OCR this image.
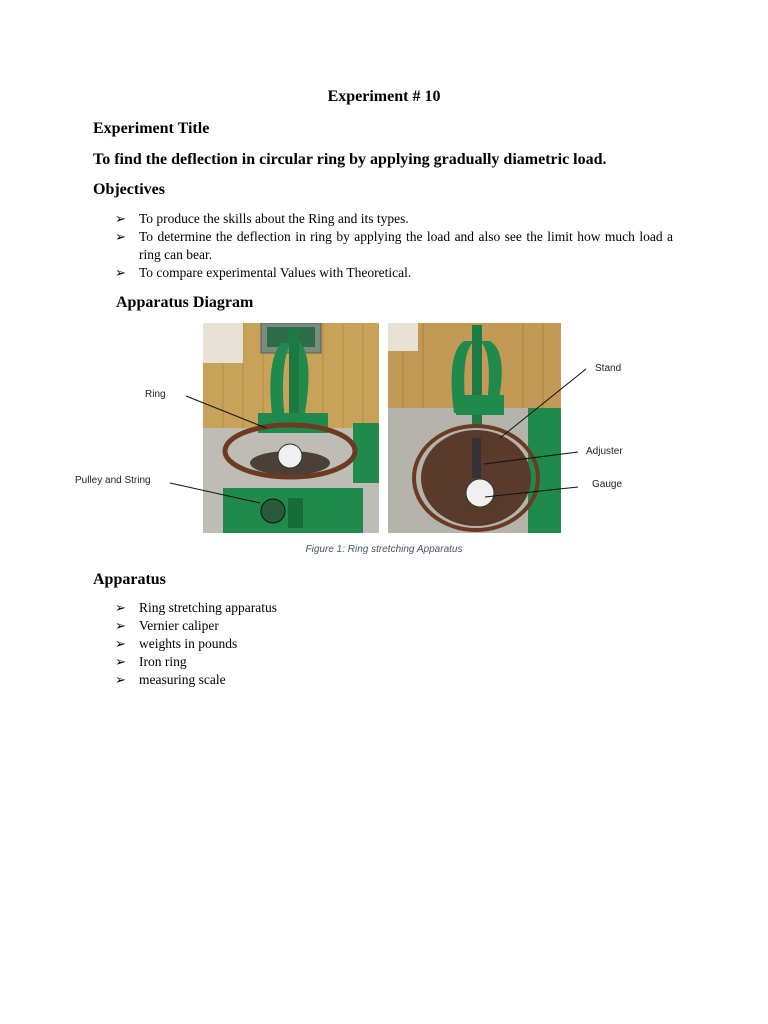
Experiment # 10
Experiment Title
To find the deflection in circular ring by applying gradually diametric load.
Objectives
➢ To produce the skills about the Ring and its types.
➢ To determine the deflection in ring by applying the load and also see the limit how much load a ring can bear.
➢ To compare experimental Values with Theoretical.
Apparatus Diagram
Ring
Pulley and String
Stand
Adjuster
Gauge
Figure 1: Ring stretching Apparatus
Apparatus
➢ Ring stretching apparatus
➢ Vernier caliper
➢ weights in pounds
➢ Iron ring
➢ measuring scale
